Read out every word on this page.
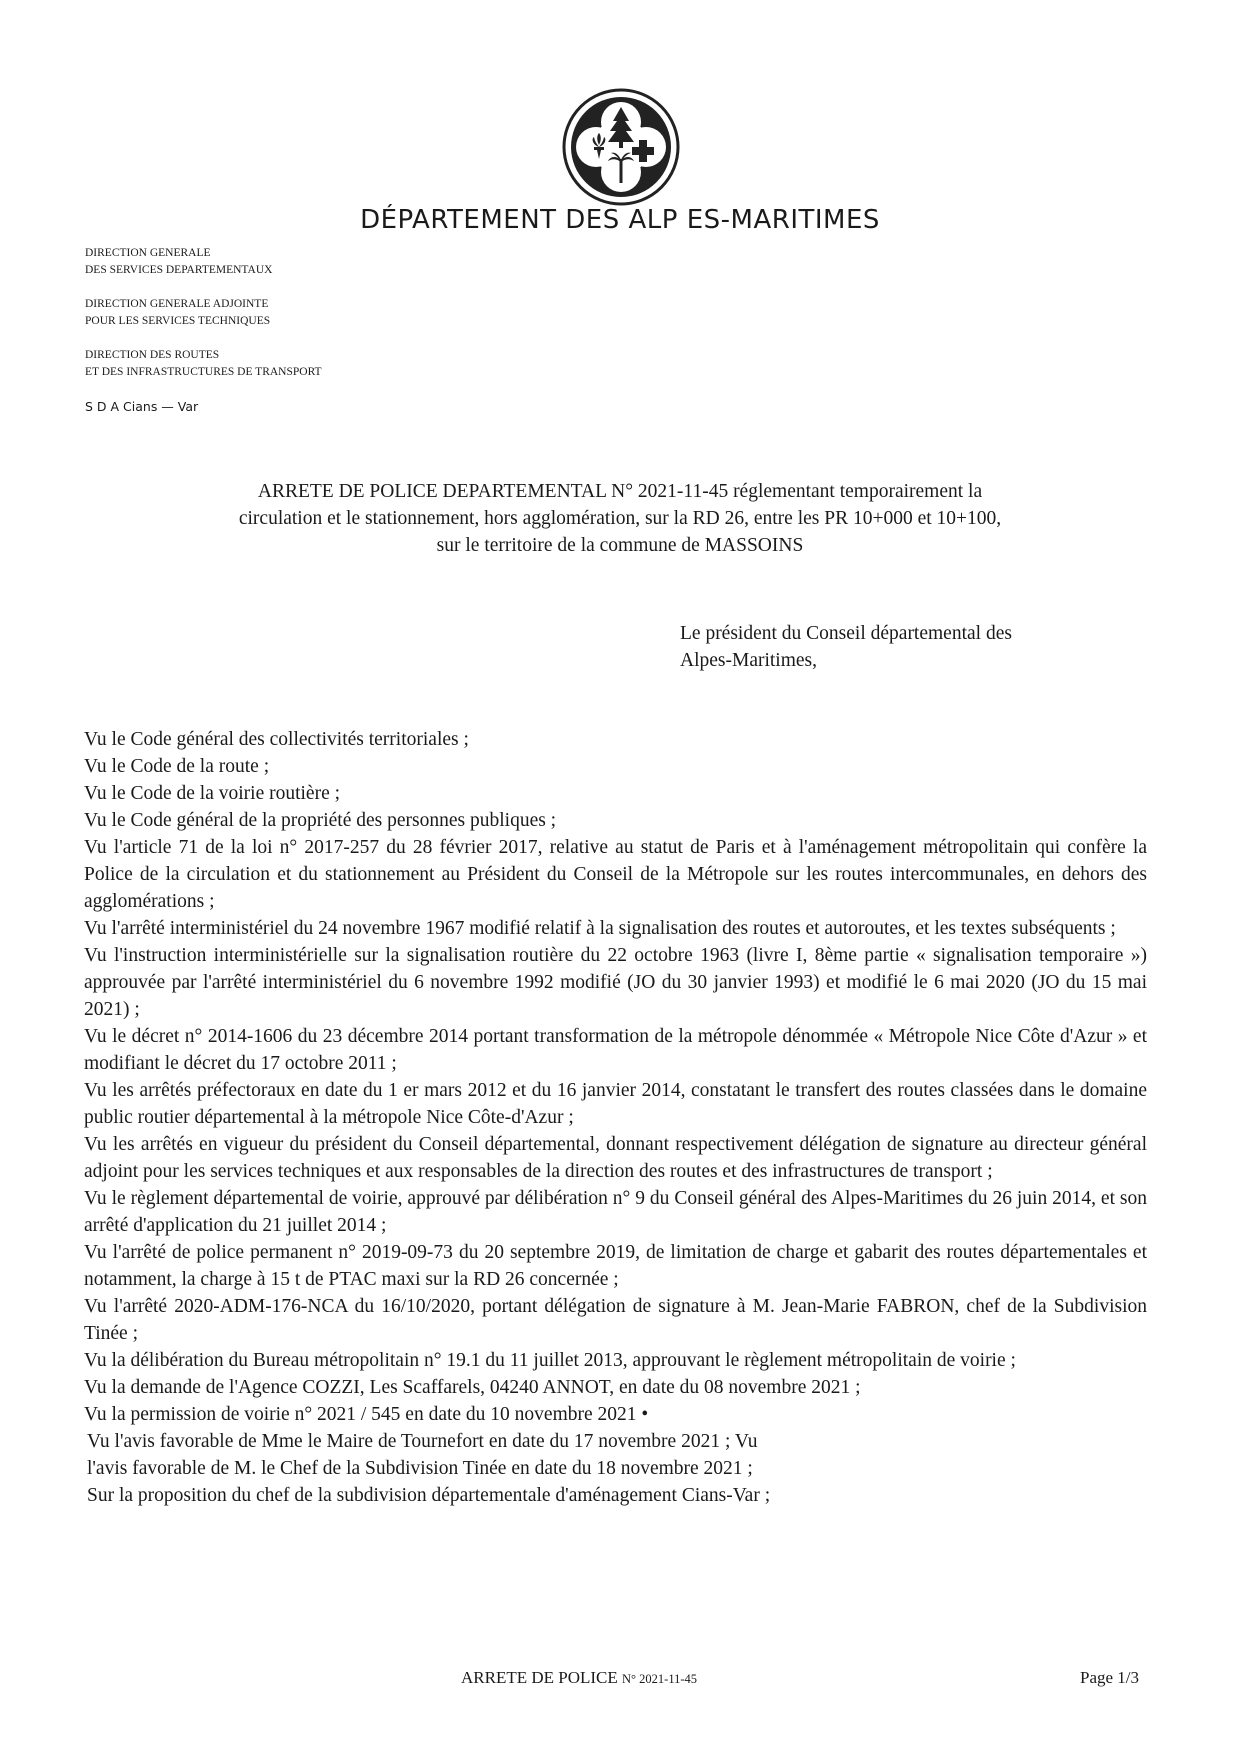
DÉPARTEMENT DES ALP ES-MARITIMES
DIRECTION GENERALE
DES SERVICES DEPARTEMENTAUX
DIRECTION GENERALE ADJOINTE
POUR LES SERVICES TECHNIQUES
DIRECTION DES ROUTES
ET DES INFRASTRUCTURES DE TRANSPORT
S D A Cians — Var
ARRETE DE POLICE DEPARTEMENTAL N° 2021-11-45 réglementant temporairement la
circulation et le stationnement, hors agglomération, sur la RD 26, entre les PR 10+000 et 10+100,
sur le territoire de la commune de MASSOINS
Le président du Conseil départemental des
Alpes-Maritimes,

Vu le Code général des collectivités territoriales ;

Vu le Code de la route ;

Vu le Code de la voirie routière ;

Vu le Code général de la propriété des personnes publiques ;

Vu l'article 71 de la loi n° 2017-257 du 28 février 2017, relative au statut de Paris et à l'aménagement métropolitain qui confère la Police de la circulation et du stationnement au Président du Conseil de la Métropole sur les routes intercommunales, en dehors des agglomérations ;

Vu l'arrêté interministériel du 24 novembre 1967 modifié relatif à la signalisation des routes et autoroutes, et les textes subséquents ;

Vu l'instruction interministérielle sur la signalisation routière du 22 octobre 1963 (livre I, 8ème partie « signalisation temporaire ») approuvée par l'arrêté interministériel du 6 novembre 1992 modifié (JO du 30 janvier 1993) et modifié le 6 mai 2020 (JO du 15 mai 2021) ;

Vu le décret n° 2014-1606 du 23 décembre 2014 portant transformation de la métropole dénommée « Métropole Nice Côte d'Azur » et modifiant le décret du 17 octobre 2011 ;

Vu les arrêtés préfectoraux en date du 1 er mars 2012 et du 16 janvier 2014, constatant le transfert des routes classées dans le domaine public routier départemental à la métropole Nice Côte-d'Azur ;

Vu les arrêtés en vigueur du président du Conseil départemental, donnant respectivement délégation de signature au directeur général adjoint pour les services techniques et aux responsables de la direction des routes et des infrastructures de transport ;

Vu le règlement départemental de voirie, approuvé par délibération n° 9 du Conseil général des Alpes-Maritimes du 26 juin 2014, et son arrêté d'application du 21 juillet 2014 ;

Vu l'arrêté de police permanent n° 2019-09-73 du 20 septembre 2019, de limitation de charge et gabarit des routes départementales et notamment, la charge à 15 t de PTAC maxi sur la RD 26 concernée ;

Vu l'arrêté 2020-ADM-176-NCA du 16/10/2020, portant délégation de signature à M. Jean-Marie FABRON, chef de la Subdivision Tinée ;

Vu la délibération du Bureau métropolitain n° 19.1 du 11 juillet 2013, approuvant le règlement métropolitain de voirie ;

Vu la demande de l'Agence COZZI, Les Scaffarels, 04240 ANNOT, en date du 08 novembre 2021 ;

Vu la permission de voirie n° 2021 / 545 en date du 10 novembre 2021 •

Vu l'avis favorable de Mme le Maire de Tournefort en date du 17 novembre 2021 ; Vu

l'avis favorable de M. le Chef de la Subdivision Tinée en date du 18 novembre 2021 ;

Sur la proposition du chef de la subdivision départementale d'aménagement Cians-Var ;

ARRETE DE POLICE N° 2021-11-45	Page 1/3
